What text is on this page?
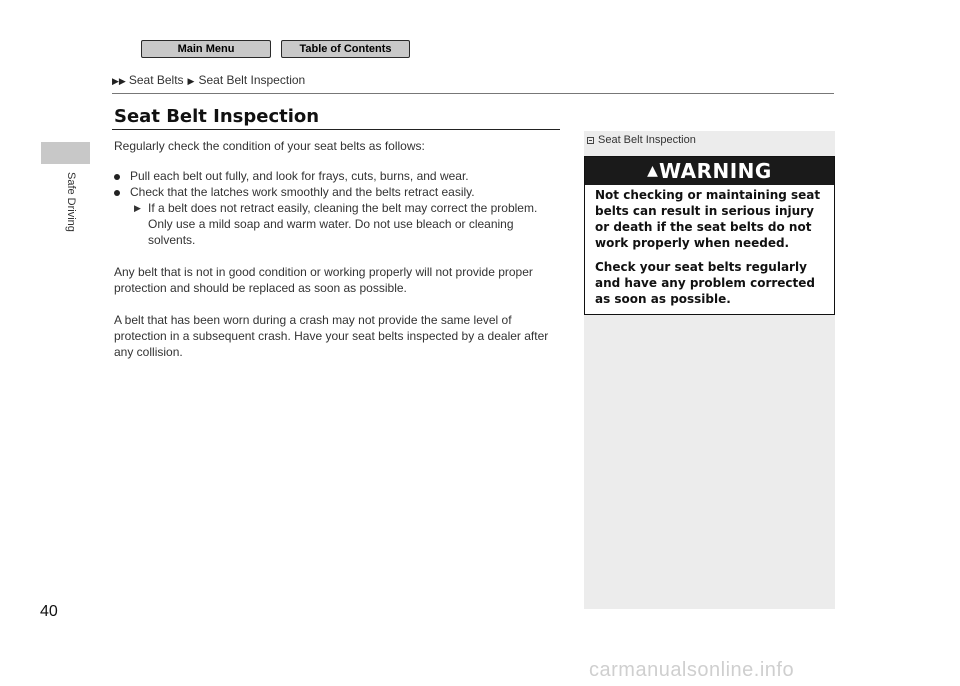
Main Menu	Table of Contents
▶▶ Seat Belts ▶ Seat Belt Inspection
Safe Driving
Seat Belt Inspection
Regularly check the condition of your seat belts as follows:
Pull each belt out fully, and look for frays, cuts, burns, and wear.
Check that the latches work smoothly and the belts retract easily.
▶ If a belt does not retract easily, cleaning the belt may correct the problem. Only use a mild soap and warm water. Do not use bleach or cleaning solvents.
Any belt that is not in good condition or working properly will not provide proper protection and should be replaced as soon as possible.
A belt that has been worn during a crash may not provide the same level of protection in a subsequent crash. Have your seat belts inspected by a dealer after any collision.
Seat Belt Inspection
▲WARNING

Not checking or maintaining seat belts can result in serious injury or death if the seat belts do not work properly when needed.

Check your seat belts regularly and have any problem corrected as soon as possible.

40
carmanualsonline.info
